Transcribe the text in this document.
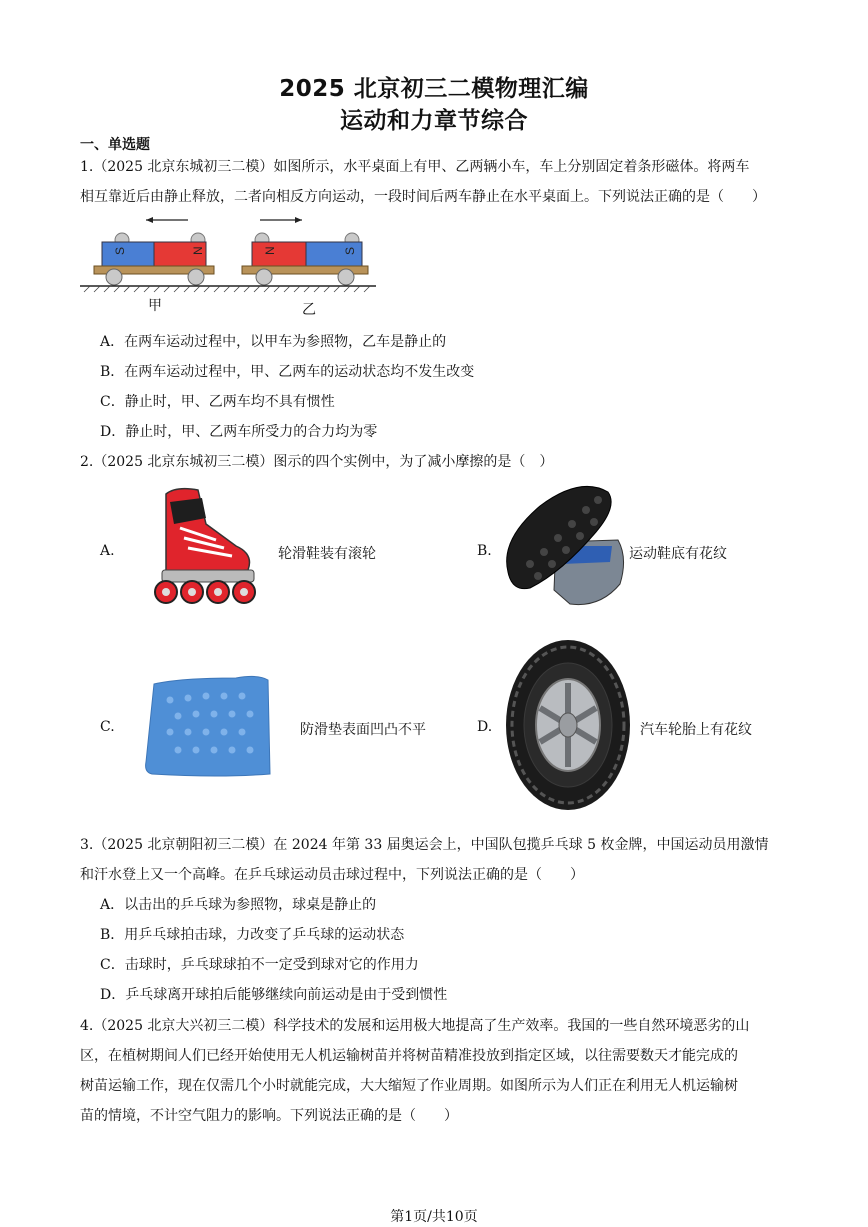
2025 北京初三二模物理汇编
运动和力章节综合
一、单选题
1.（2025 北京东城初三二模）如图所示，水平桌面上有甲、乙两辆小车，车上分别固定着条形磁体。将两车
相互靠近后由静止释放，二者向相反方向运动，一段时间后两车静止在水平桌面上。下列说法正确的是（　　）
S	N	N	S
甲	乙
A．在两车运动过程中，以甲车为参照物，乙车是静止的
B．在两车运动过程中，甲、乙两车的运动状态均不发生改变
C．静止时，甲、乙两车均不具有惯性
D．静止时，甲、乙两车所受力的合力均为零
2.（2025 北京东城初三二模）图示的四个实例中，为了减小摩擦的是（　）
A.	轮滑鞋装有滚轮	B.	运动鞋底有花纹
C.	防滑垫表面凹凸不平	D.	汽车轮胎上有花纹
3.（2025 北京朝阳初三二模）在 2024 年第 33 届奥运会上，中国队包揽乒乓球 5 枚金牌，中国运动员用激情
和汗水登上又一个高峰。在乒乓球运动员击球过程中，下列说法正确的是（　　）
A．以击出的乒乓球为参照物，球桌是静止的
B．用乒乓球拍击球，力改变了乒乓球的运动状态
C．击球时，乒乓球球拍不一定受到球对它的作用力
D．乒乓球离开球拍后能够继续向前运动是由于受到惯性
4.（2025 北京大兴初三二模）科学技术的发展和运用极大地提高了生产效率。我国的一些自然环境恶劣的山
区，在植树期间人们已经开始使用无人机运输树苗并将树苗精准投放到指定区域，以往需要数天才能完成的
树苗运输工作，现在仅需几个小时就能完成，大大缩短了作业周期。如图所示为人们正在利用无人机运输树
苗的情境，不计空气阻力的影响。下列说法正确的是（　　）
第1页/共10页
